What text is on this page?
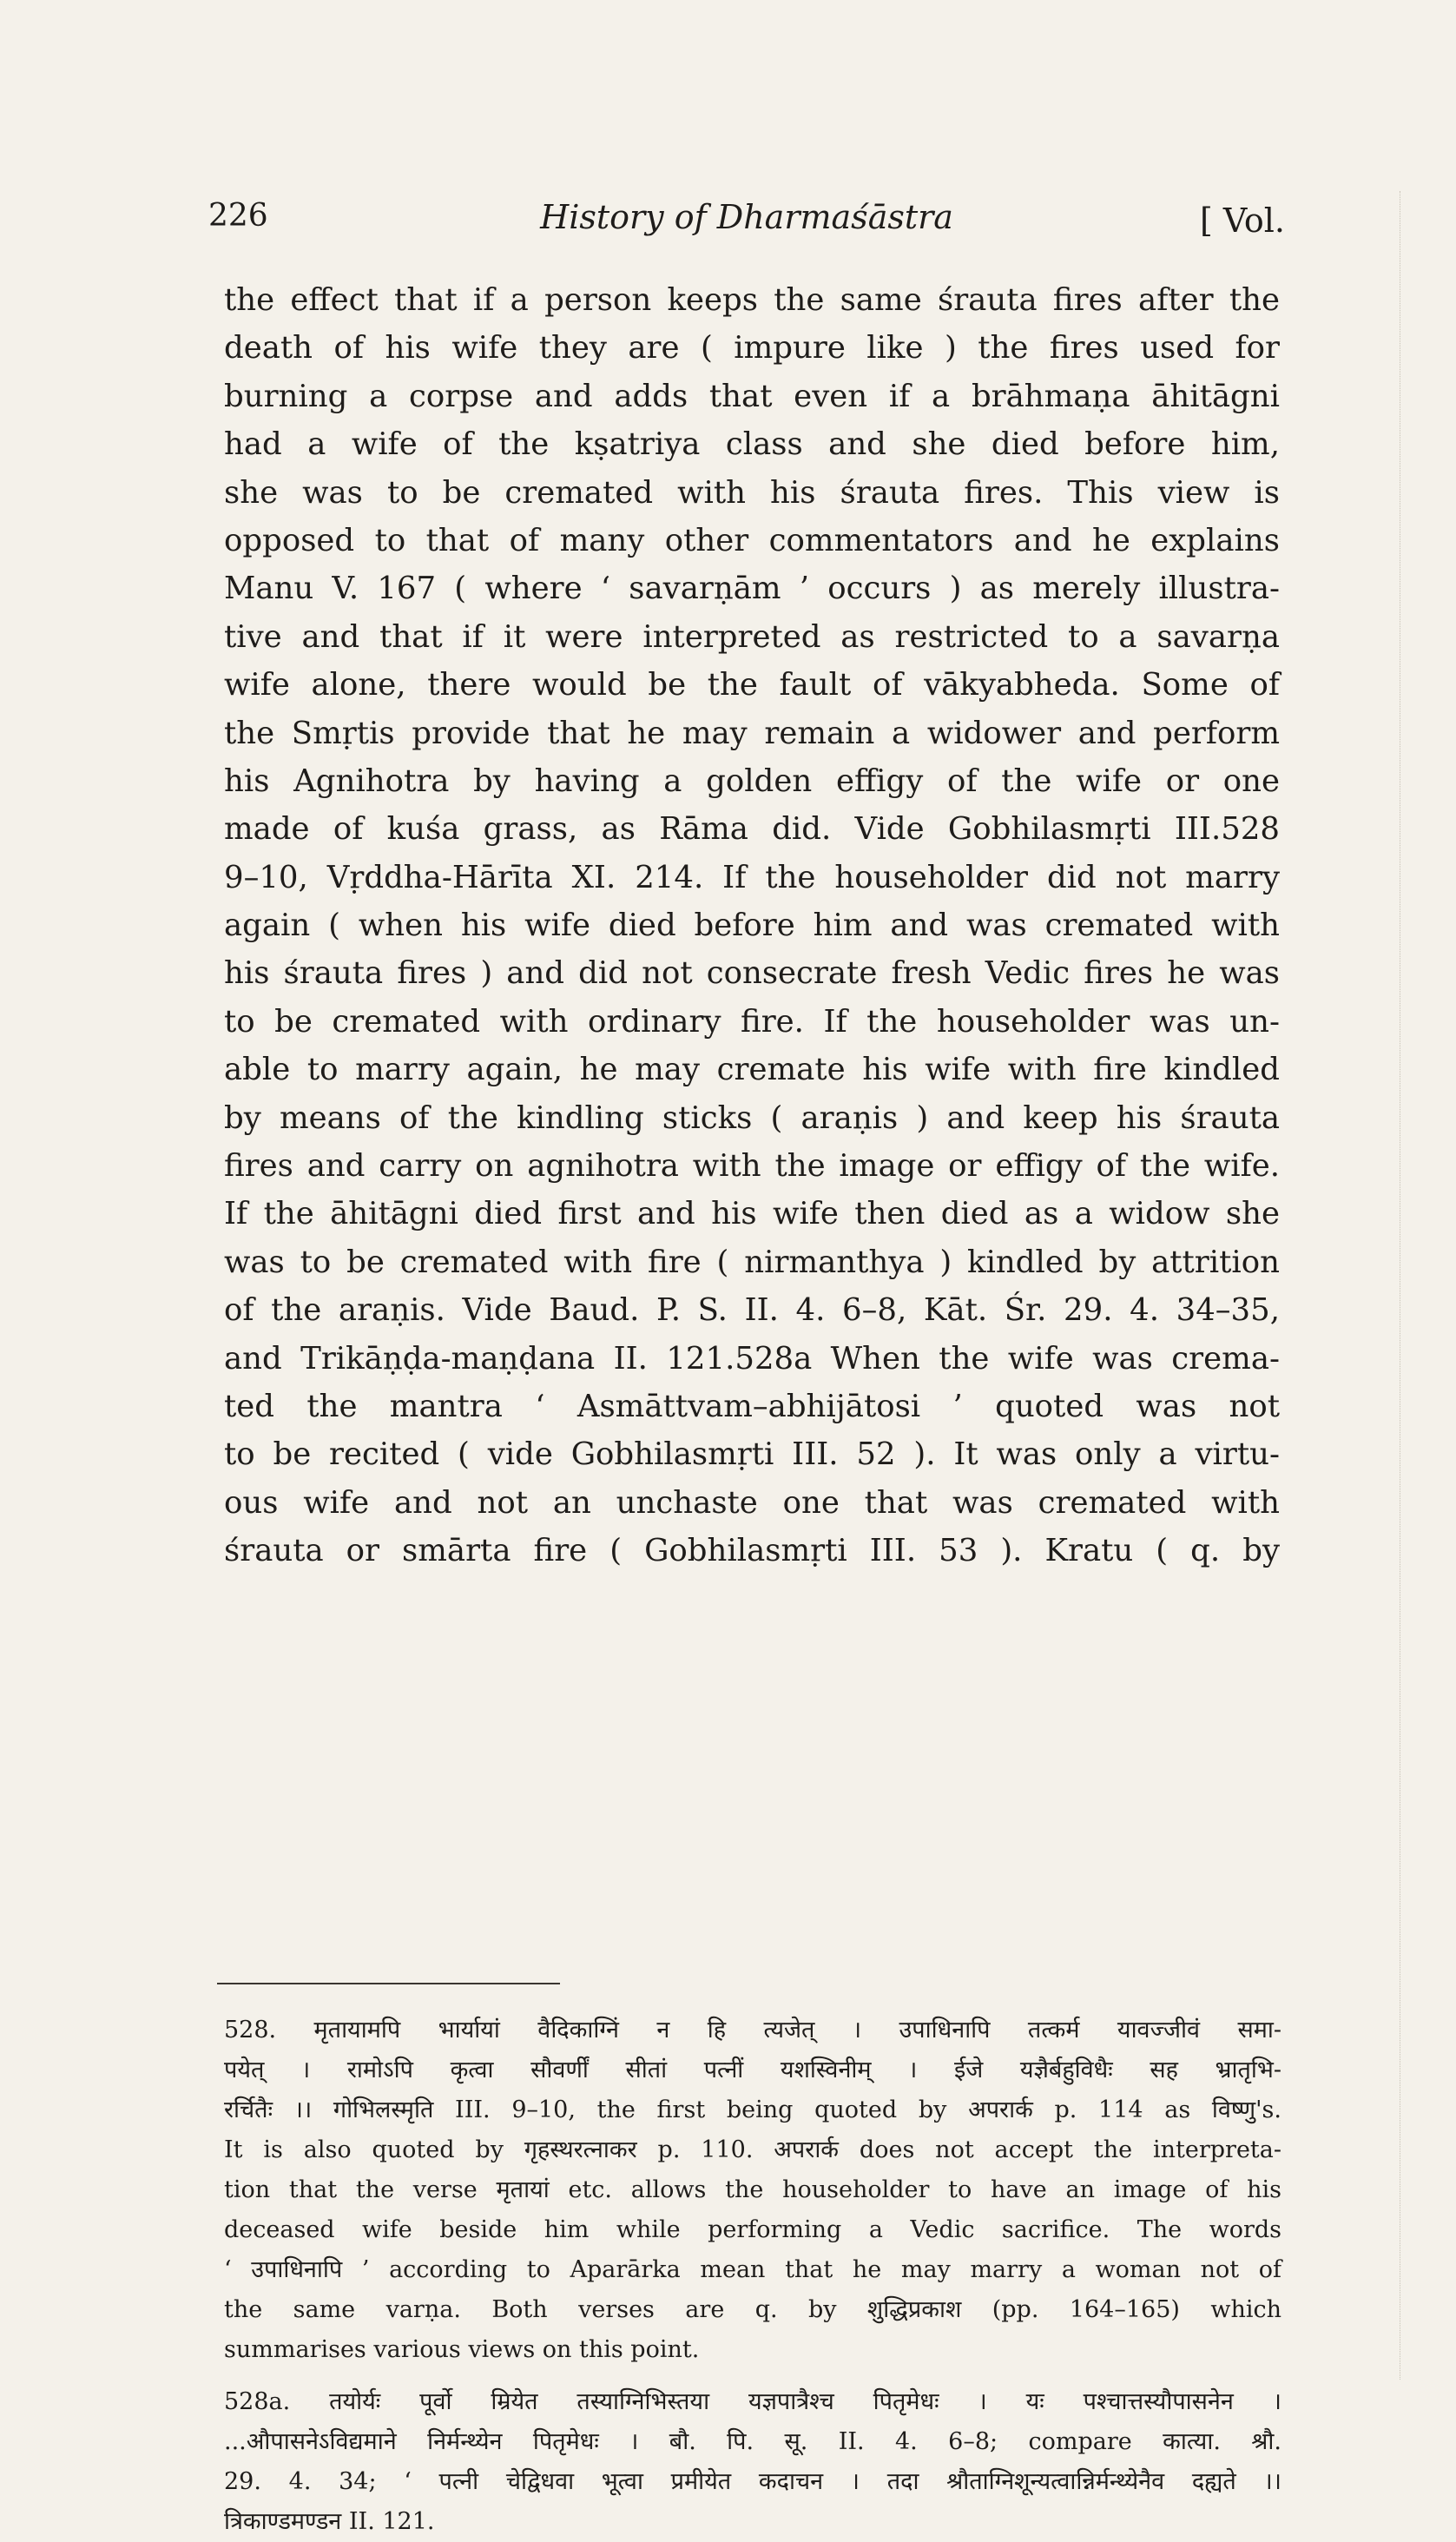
226	History of Dharmaśāstra	[ Vol.
the effect that if a person keeps the same śrauta fires after the
death of his wife they are ( impure like ) the fires used for
burning a corpse and adds that even if a brāhmaṇa āhitāgni
had a wife of the kṣatriya class and she died before him,
she was to be cremated with his śrauta fires. This view is
opposed to that of many other commentators and he explains
Manu V. 167 ( where ‘ savarṇām ’ occurs ) as merely illustra-
tive and that if it were interpreted as restricted to a savarṇa
wife alone, there would be the fault of vākyabheda. Some of
the Smṛtis provide that he may remain a widower and perform
his Agnihotra by having a golden effigy of the wife or one
made of kuśa grass, as Rāma did. Vide Gobhilasmṛti III.528
9–10, Vṛddha-Hārīta XI. 214. If the householder did not marry
again ( when his wife died before him and was cremated with
his śrauta fires ) and did not consecrate fresh Vedic fires he was
to be cremated with ordinary fire. If the householder was un-
able to marry again, he may cremate his wife with fire kindled
by means of the kindling sticks ( araṇis ) and keep his śrauta
fires and carry on agnihotra with the image or effigy of the wife.
If the āhitāgni died first and his wife then died as a widow she
was to be cremated with fire ( nirmanthya ) kindled by attrition
of the araṇis. Vide Baud. P. S. II. 4. 6–8, Kāt. Śr. 29. 4. 34–35,
and Trikāṇḍa-maṇḍana II. 121.528a When the wife was crema-
ted the mantra ‘ Asmāttvam–abhijātosi ’ quoted was not
to be recited ( vide Gobhilasmṛti III. 52 ). It was only a virtu-
ous wife and not an unchaste one that was cremated with
śrauta or smārta fire ( Gobhilasmṛti III. 53 ). Kratu ( q. by
528. मृतायामपि भार्यायां वैदिकाग्निं न हि त्यजेत् । उपाधिनापि तत्कर्म यावज्जीवं समा-
पयेत् । रामोऽपि कृत्वा सौवर्णीं सीतां पत्नीं यशस्विनीम् । ईजे यज्ञैर्बहुविधैः सह भ्रातृभि-
रर्चितैः ।। गोभिलस्मृति III. 9–10, the first being quoted by अपरार्क p. 114 as विष्णु's.
It is also quoted by गृहस्थरत्नाकर p. 110. अपरार्क does not accept the interpreta-
tion that the verse मृतायां etc. allows the householder to have an image of his
deceased wife beside him while performing a Vedic sacrifice. The words
‘ उपाधिनापि ’ according to Aparārka mean that he may marry a woman not of
the same varṇa. Both verses are q. by शुद्धिप्रकाश (pp. 164–165) which
summarises various views on this point.
528a. तयोर्यः पूर्वो म्रियेत तस्याग्निभिस्तया यज्ञपात्रैश्च पितृमेधः । यः पश्चात्तस्यौपासनेन ।
...औपासनेऽविद्यमाने निर्मन्थ्येन पितृमेधः । बौ. पि. सू. II. 4. 6–8; compare कात्या. श्रौ.
29. 4. 34; ‘ पत्नी चेद्विधवा भूत्वा प्रमीयेत कदाचन । तदा श्रौताग्निशून्यत्वान्निर्मन्थ्येनैव दह्यते ।।
त्रिकाण्डमण्डन II. 121.
